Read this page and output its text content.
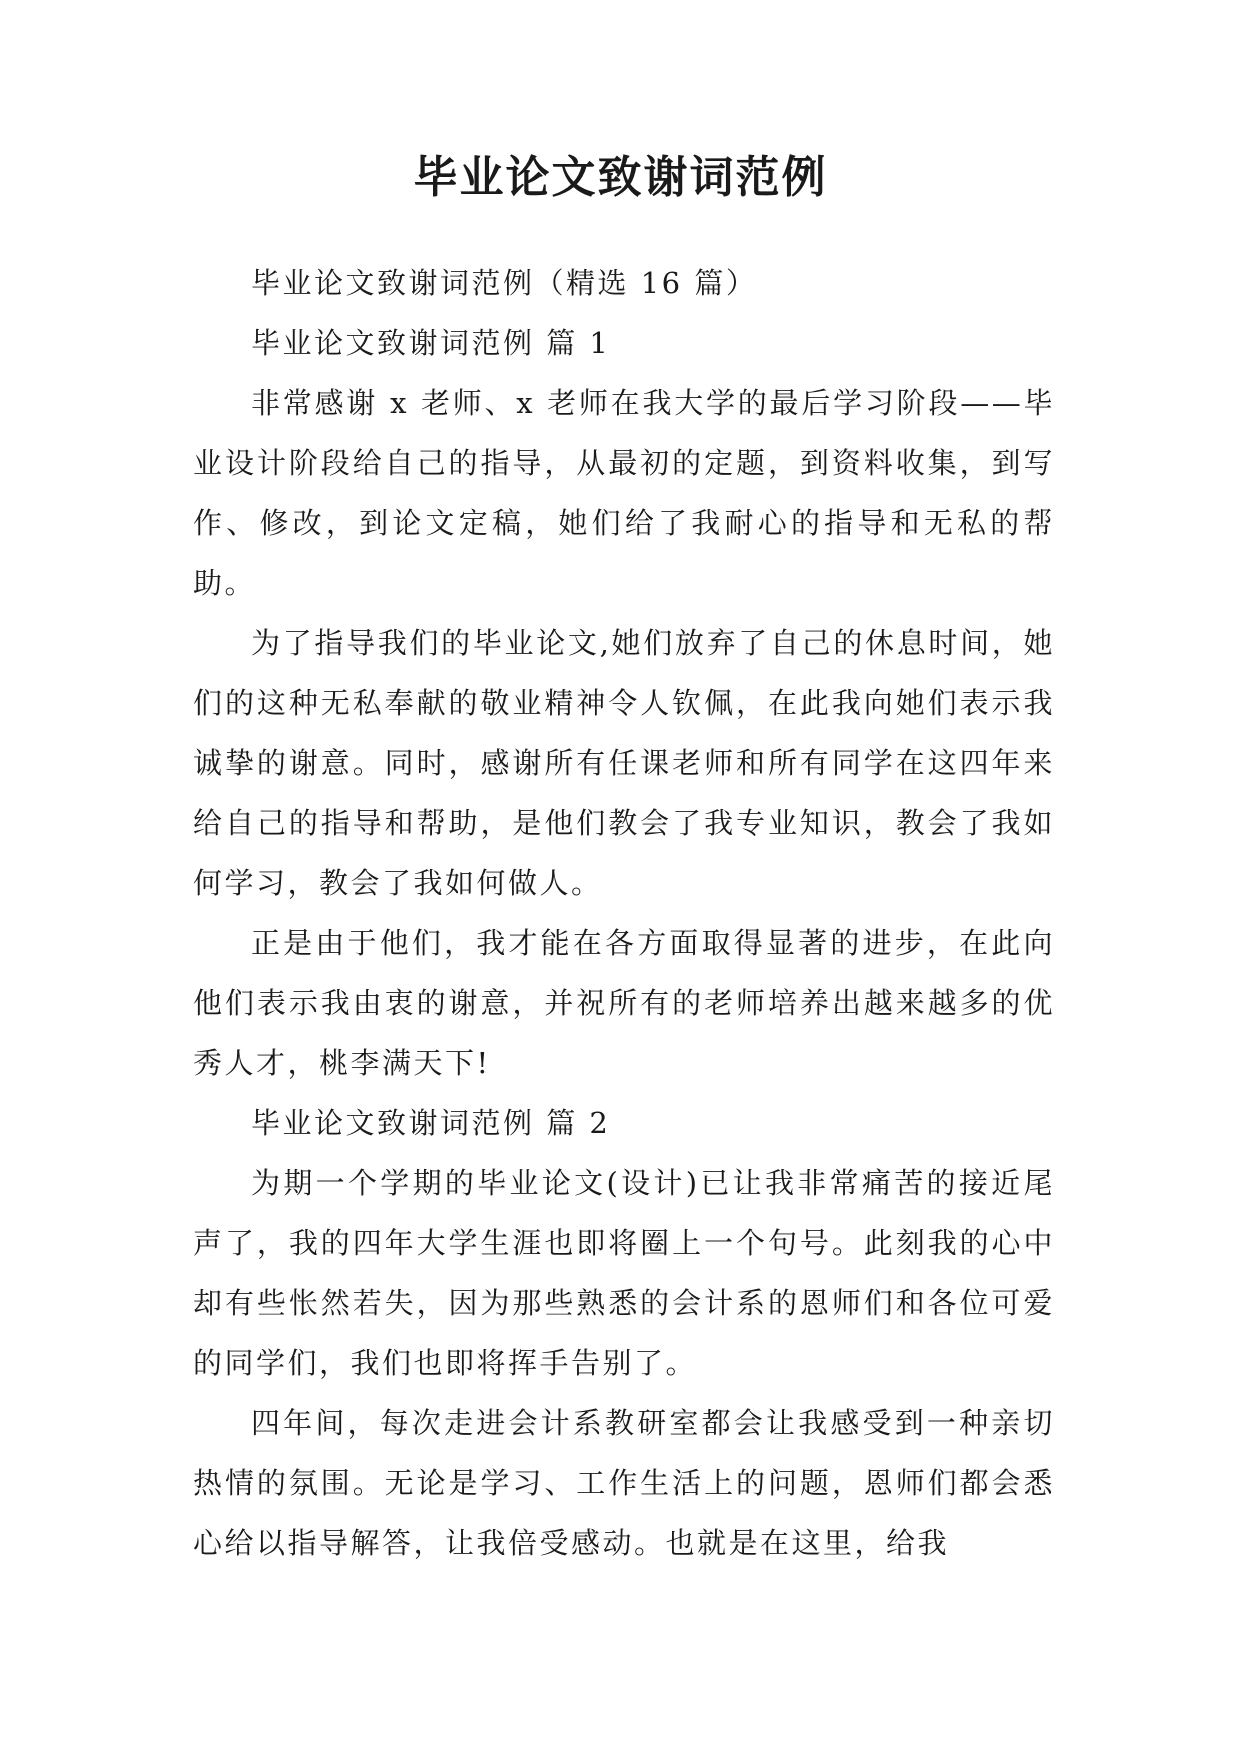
毕业论文致谢词范例

毕业论文致谢词范例（精选 16 篇）

毕业论文致谢词范例 篇 1

非常感谢 x 老师、x 老师在我大学的最后学习阶段——毕业设计阶段给自己的指导，从最初的定题，到资料收集，到写作、修改，到论文定稿，她们给了我耐心的指导和无私的帮助。

为了指导我们的毕业论文,她们放弃了自己的休息时间，她们的这种无私奉献的敬业精神令人钦佩，在此我向她们表示我诚挚的谢意。同时，感谢所有任课老师和所有同学在这四年来给自己的指导和帮助，是他们教会了我专业知识，教会了我如何学习，教会了我如何做人。

正是由于他们，我才能在各方面取得显著的进步，在此向他们表示我由衷的谢意，并祝所有的老师培养出越来越多的优秀人才，桃李满天下!

毕业论文致谢词范例 篇 2

为期一个学期的毕业论文(设计)已让我非常痛苦的接近尾声了，我的四年大学生涯也即将圈上一个句号。此刻我的心中却有些怅然若失，因为那些熟悉的会计系的恩师们和各位可爱的同学们，我们也即将挥手告别了。

四年间，每次走进会计系教研室都会让我感受到一种亲切热情的氛围。无论是学习、工作生活上的问题，恩师们都会悉心给以指导解答，让我倍受感动。也就是在这里，给我
